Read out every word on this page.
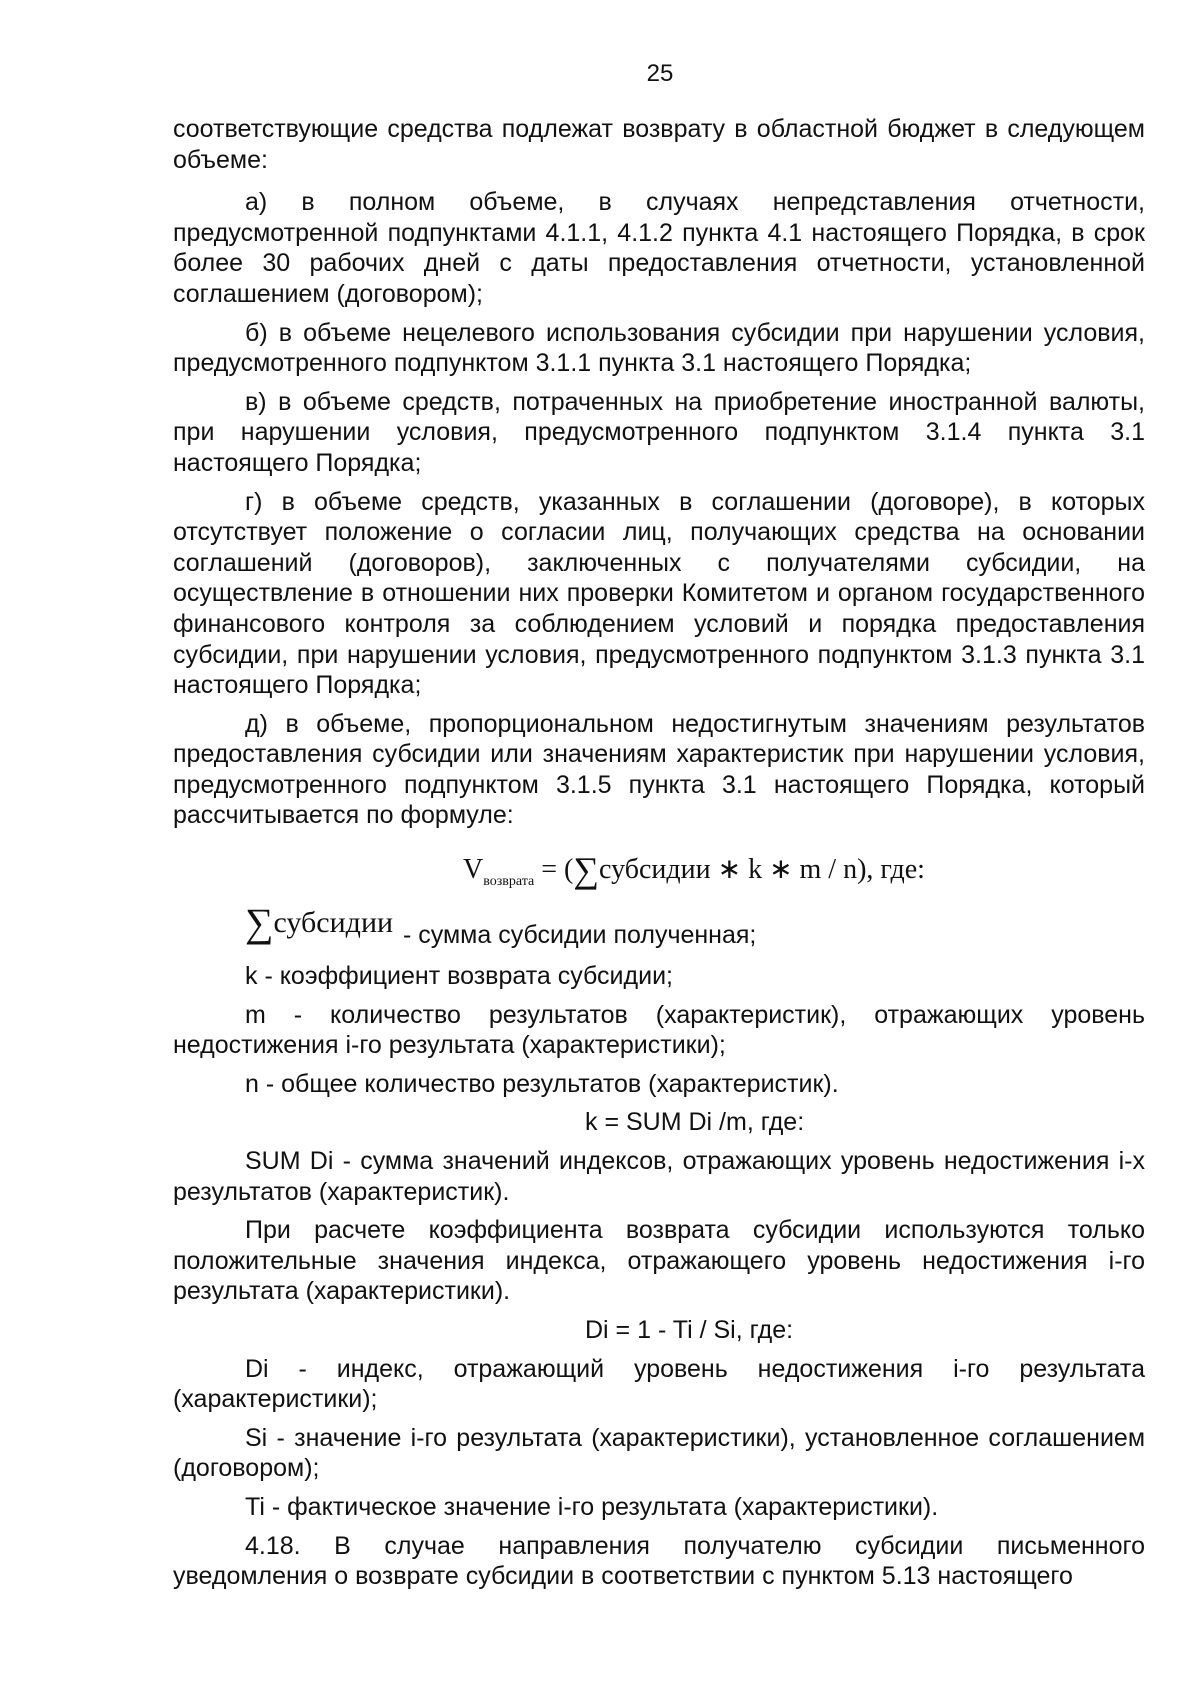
25

соответствующие средства подлежат возврату в областной бюджет в следующем объеме:

а) в полном объеме, в случаях непредставления отчетности, предусмотренной подпунктами 4.1.1, 4.1.2 пункта 4.1 настоящего Порядка, в срок более 30 рабочих дней с даты предоставления отчетности, установленной соглашением (договором);

б) в объеме нецелевого использования субсидии при нарушении условия, предусмотренного подпунктом 3.1.1 пункта 3.1 настоящего Порядка;

в) в объеме средств, потраченных на приобретение иностранной валюты, при нарушении условия, предусмотренного подпунктом 3.1.4 пункта 3.1 настоящего Порядка;

г) в объеме средств, указанных в соглашении (договоре), в которых отсутствует положение о согласии лиц, получающих средства на основании соглашений (договоров), заключенных с получателями субсидии, на осуществление в отношении них проверки Комитетом и органом государственного финансового контроля за соблюдением условий и порядка предоставления субсидии, при нарушении условия, предусмотренного подпунктом 3.1.3 пункта 3.1 настоящего Порядка;

д) в объеме, пропорциональном недостигнутым значениям результатов предоставления субсидии или значениям характеристик при нарушении условия, предусмотренного подпунктом 3.1.5 пункта 3.1 настоящего Порядка, который рассчитывается по формуле:

$V_{возврата}$ = (∑субсидии ∗ k ∗ m / n), где:
∑субсидии - сумма субсидии полученная;

k - коэффициент возврата субсидии;

m - количество результатов (характеристик), отражающих уровень недостижения i-го результата (характеристики);

n - общее количество результатов (характеристик).

k = SUM Di /m, где:

SUM Di - сумма значений индексов, отражающих уровень недостижения i-х результатов (характеристик).

При расчете коэффициента возврата субсидии используются только положительные значения индекса, отражающего уровень недостижения i-го результата (характеристики).

Di = 1 - Ti / Si, где:

Di - индекс, отражающий уровень недостижения i-го результата (характеристики);

Si - значение i-го результата (характеристики), установленное соглашением (договором);

Ti - фактическое значение i-го результата (характеристики).

4.18. В случае направления получателю субсидии письменного уведомления о возврате субсидии в соответствии с пунктом 5.13 настоящего
